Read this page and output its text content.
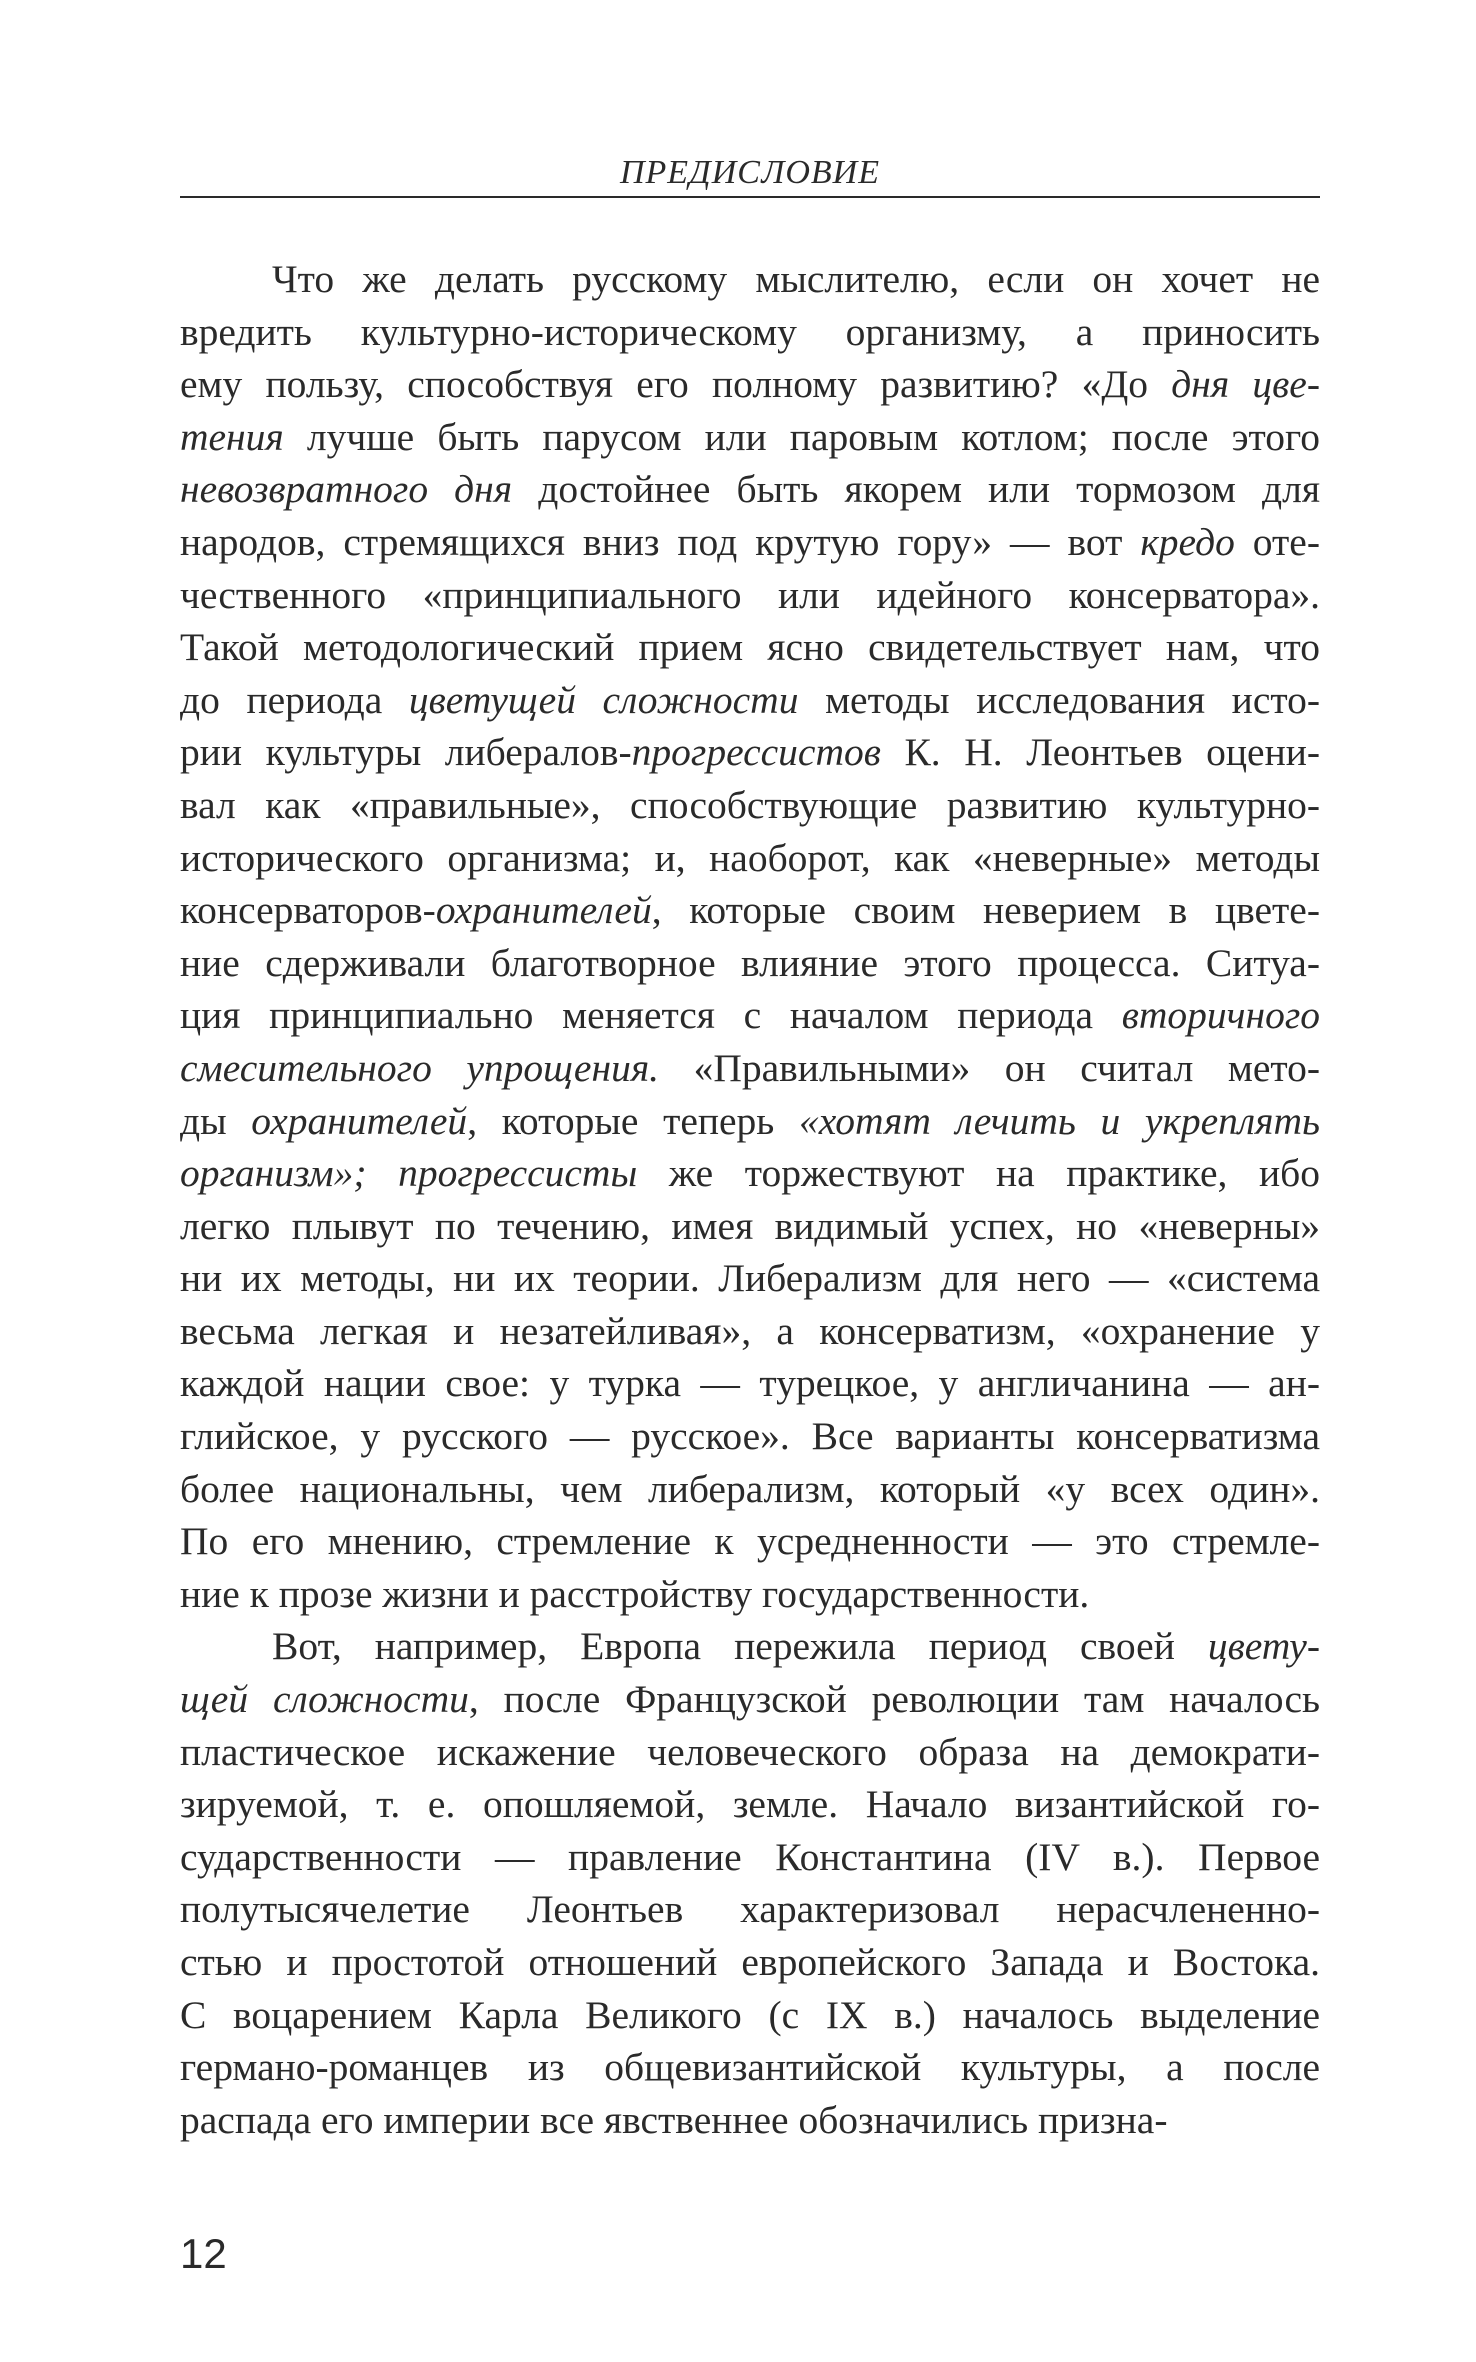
ПРЕДИСЛОВИЕ
Что же делать русскому мыслителю, если он хочет не
вредить культурно-историческому организму, а приносить
ему пользу, способствуя его полному развитию? «До дня цве-
тения лучше быть парусом или паровым котлом; после этого
невозвратного дня достойнее быть якорем или тормозом для
народов, стремящихся вниз под крутую гору» — вот кредо оте-
чественного «принципиального или идейного консерватора».
Такой методологический прием ясно свидетельствует нам, что
до периода цветущей сложности методы исследования исто-
рии культуры либералов-прогрессистов К. Н. Леонтьев оцени-
вал как «правильные», способствующие развитию культурно-
исторического организма; и, наоборот, как «неверные» методы
консерваторов-охранителей, которые своим неверием в цвете-
ние сдерживали благотворное влияние этого процесса. Ситуа-
ция принципиально меняется с началом периода вторичного
смесительного упрощения. «Правильными» он считал мето-
ды охранителей, которые теперь «хотят лечить и укреплять
организм»; прогрессисты же торжествуют на практике, ибо
легко плывут по течению, имея видимый успех, но «неверны»
ни их методы, ни их теории. Либерализм для него — «система
весьма легкая и незатейливая», а консерватизм, «охранение у
каждой нации свое: у турка — турецкое, у англичанина — ан-
глийское, у русского — русское». Все варианты консерватизма
более национальны, чем либерализм, который «у всех один».
По его мнению, стремление к усредненности — это стремле-
ние к прозе жизни и расстройству государственности.
Вот, например, Европа пережила период своей цвету-
щей сложности, после Французской революции там началось
пластическое искажение человеческого образа на демократи-
зируемой, т. е. опошляемой, земле. Начало византийской го-
сударственности — правление Константина (IV в.). Первое
полутысячелетие Леонтьев характеризовал нерасчлененно-
стью и простотой отношений европейского Запада и Востока.
С воцарением Карла Великого (с IX в.) началось выделение
германо-романцев из общевизантийской культуры, а после
распада его империи все явственнее обозначились призна-
12
